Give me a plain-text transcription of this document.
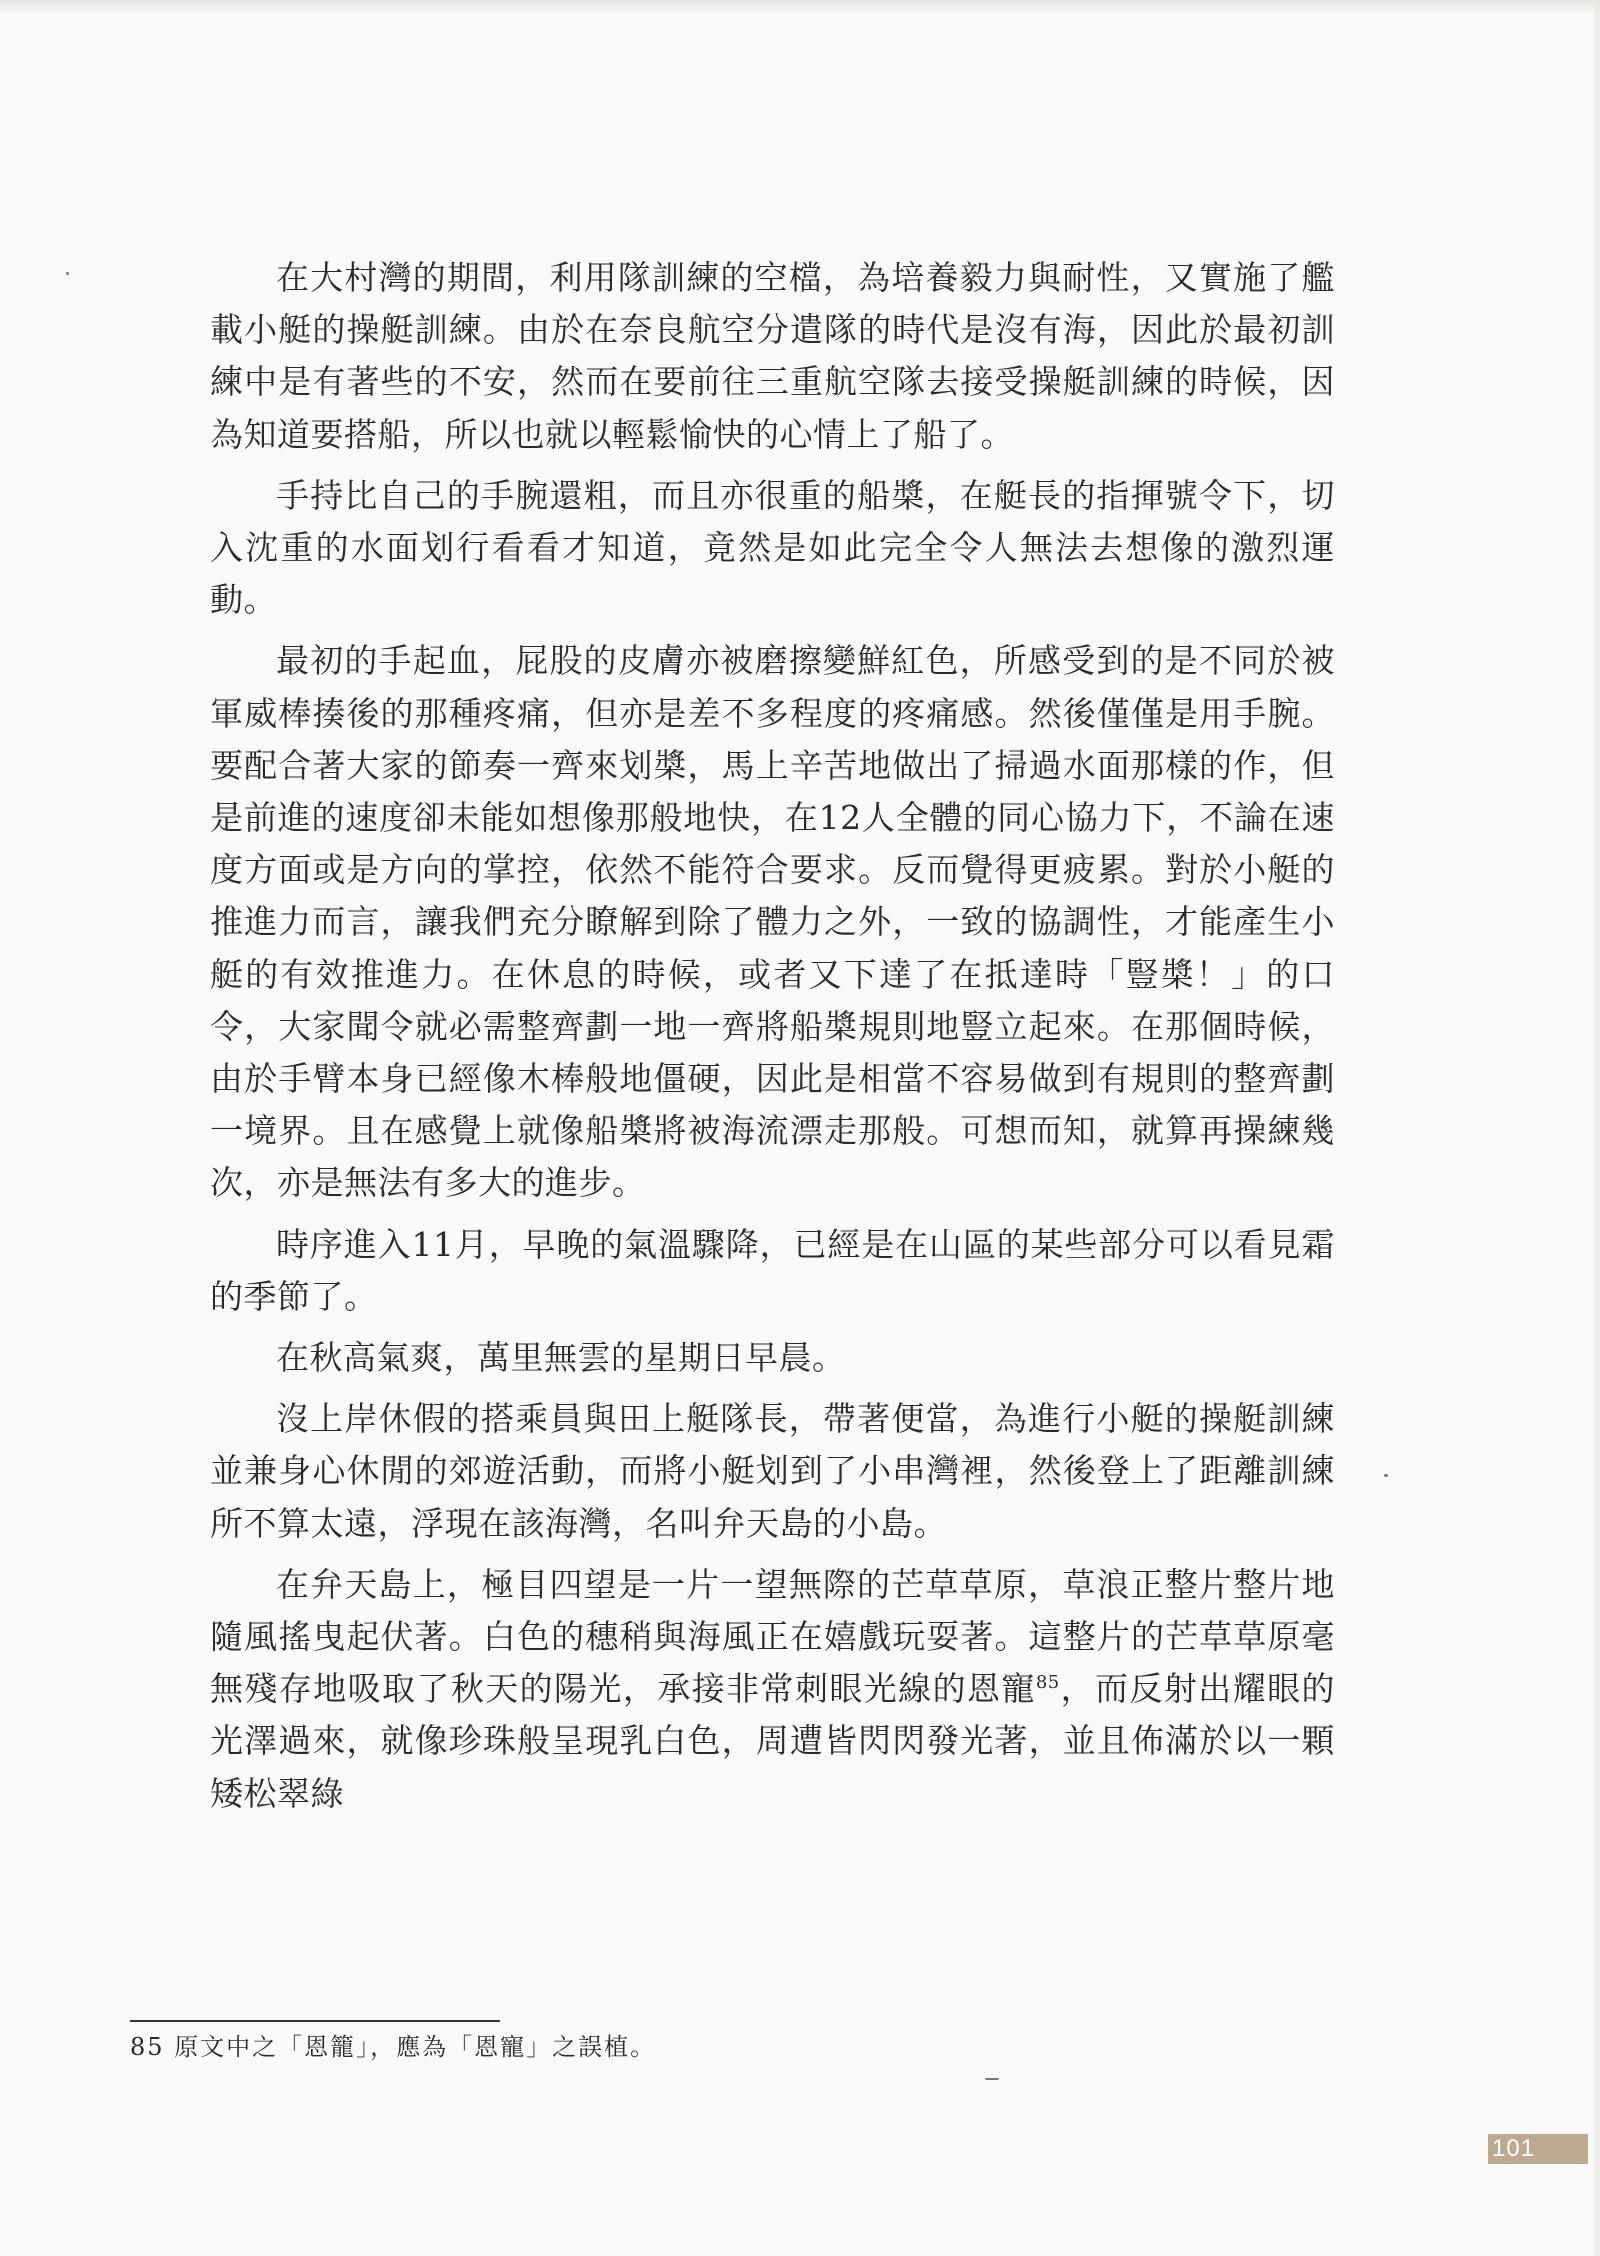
在大村灣的期間，利用隊訓練的空檔，為培養毅力與耐性，又實施了艦載小艇的操艇訓練。由於在奈良航空分遣隊的時代是沒有海，因此於最初訓練中是有著些的不安，然而在要前往三重航空隊去接受操艇訓練的時候，因為知道要搭船，所以也就以輕鬆愉快的心情上了船了。

手持比自己的手腕還粗，而且亦很重的船槳，在艇長的指揮號令下，切入沈重的水面划行看看才知道，竟然是如此完全令人無法去想像的激烈運動。

最初的手起血，屁股的皮膚亦被磨擦變鮮紅色，所感受到的是不同於被軍威棒揍後的那種疼痛，但亦是差不多程度的疼痛感。然後僅僅是用手腕。要配合著大家的節奏一齊來划槳，馬上辛苦地做出了掃過水面那樣的作，但是前進的速度卻未能如想像那般地快，在12人全體的同心協力下，不論在速度方面或是方向的掌控，依然不能符合要求。反而覺得更疲累。對於小艇的推進力而言，讓我們充分瞭解到除了體力之外，一致的協調性，才能產生小艇的有效推進力。在休息的時候，或者又下達了在抵達時「豎槳！」的口令，大家聞令就必需整齊劃一地一齊將船槳規則地豎立起來。在那個時候，由於手臂本身已經像木棒般地僵硬，因此是相當不容易做到有規則的整齊劃一境界。且在感覺上就像船槳將被海流漂走那般。可想而知，就算再操練幾次，亦是無法有多大的進步。

時序進入11月，早晚的氣溫驟降，已經是在山區的某些部分可以看見霜的季節了。

在秋高氣爽，萬里無雲的星期日早晨。

沒上岸休假的搭乘員與田上艇隊長，帶著便當，為進行小艇的操艇訓練並兼身心休閒的郊遊活動，而將小艇划到了小串灣裡，然後登上了距離訓練所不算太遠，浮現在該海灣，名叫弁天島的小島。

在弁天島上，極目四望是一片一望無際的芒草草原，草浪正整片整片地隨風搖曳起伏著。白色的穗稍與海風正在嬉戲玩耍著。這整片的芒草草原毫無殘存地吸取了秋天的陽光，承接非常刺眼光線的恩寵$^{85}$，而反射出耀眼的光澤過來，就像珍珠般呈現乳白色，周遭皆閃閃發光著，並且佈滿於以一顆矮松翠綠

85 原文中之「恩籠」，應為「恩寵」之誤植。
101
